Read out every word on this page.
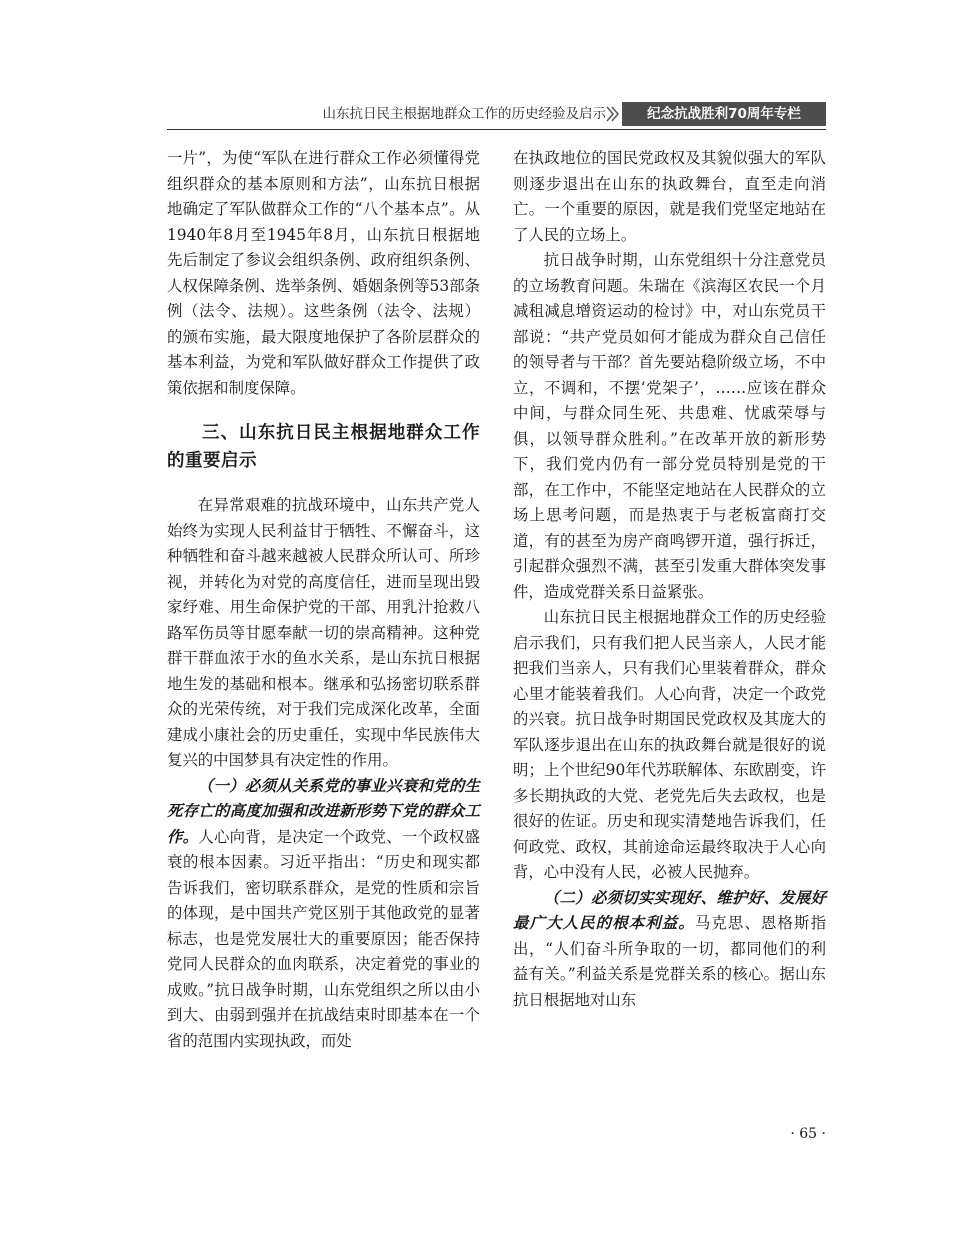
山东抗日民主根据地群众工作的历史经验及启示	纪念抗战胜利70周年专栏

一片”，为使“军队在进行群众工作必须懂得党组织群众的基本原则和方法”，山东抗日根据地确定了军队做群众工作的“八个基本点”。从1940年8月至1945年8月，山东抗日根据地先后制定了参议会组织条例、政府组织条例、人权保障条例、选举条例、婚姻条例等53部条例（法令、法规）。这些条例（法令、法规）的颁布实施，最大限度地保护了各阶层群众的基本利益，为党和军队做好群众工作提供了政策依据和制度保障。

三、山东抗日民主根据地群众工作的重要启示

在异常艰难的抗战环境中，山东共产党人始终为实现人民利益甘于牺牲、不懈奋斗，这种牺牲和奋斗越来越被人民群众所认可、所珍视，并转化为对党的高度信任，进而呈现出毁家纾难、用生命保护党的干部、用乳汁抢救八路军伤员等甘愿奉献一切的崇高精神。这种党群干群血浓于水的鱼水关系，是山东抗日根据地生发的基础和根本。继承和弘扬密切联系群众的光荣传统，对于我们完成深化改革，全面建成小康社会的历史重任，实现中华民族伟大复兴的中国梦具有决定性的作用。

（一）必须从关系党的事业兴衰和党的生死存亡的高度加强和改进新形势下党的群众工作。人心向背，是决定一个政党、一个政权盛衰的根本因素。习近平指出：“历史和现实都告诉我们，密切联系群众，是党的性质和宗旨的体现，是中国共产党区别于其他政党的显著标志，也是党发展壮大的重要原因；能否保持党同人民群众的血肉联系，决定着党的事业的成败。”抗日战争时期，山东党组织之所以由小到大、由弱到强并在抗战结束时即基本在一个省的范围内实现执政，而处

在执政地位的国民党政权及其貌似强大的军队则逐步退出在山东的执政舞台，直至走向消亡。一个重要的原因，就是我们党坚定地站在了人民的立场上。

抗日战争时期，山东党组织十分注意党员的立场教育问题。朱瑞在《滨海区农民一个月减租减息增资运动的检讨》中，对山东党员干部说：“共产党员如何才能成为群众自己信任的领导者与干部？首先要站稳阶级立场，不中立，不调和，不摆‘党架子’，……应该在群众中间，与群众同生死、共患难、忧戚荣辱与俱，以领导群众胜利。”在改革开放的新形势下，我们党内仍有一部分党员特别是党的干部，在工作中，不能坚定地站在人民群众的立场上思考问题，而是热衷于与老板富商打交道，有的甚至为房产商鸣锣开道，强行拆迁，引起群众强烈不满，甚至引发重大群体突发事件，造成党群关系日益紧张。

山东抗日民主根据地群众工作的历史经验启示我们，只有我们把人民当亲人，人民才能把我们当亲人，只有我们心里装着群众，群众心里才能装着我们。人心向背，决定一个政党的兴衰。抗日战争时期国民党政权及其庞大的军队逐步退出在山东的执政舞台就是很好的说明；上个世纪90年代苏联解体、东欧剧变，许多长期执政的大党、老党先后失去政权，也是很好的佐证。历史和现实清楚地告诉我们，任何政党、政权，其前途命运最终取决于人心向背，心中没有人民，必被人民抛弃。

（二）必须切实实现好、维护好、发展好最广大人民的根本利益。马克思、恩格斯指出，“人们奋斗所争取的一切，都同他们的利益有关。”利益关系是党群关系的核心。据山东抗日根据地对山东

· 65 ·
